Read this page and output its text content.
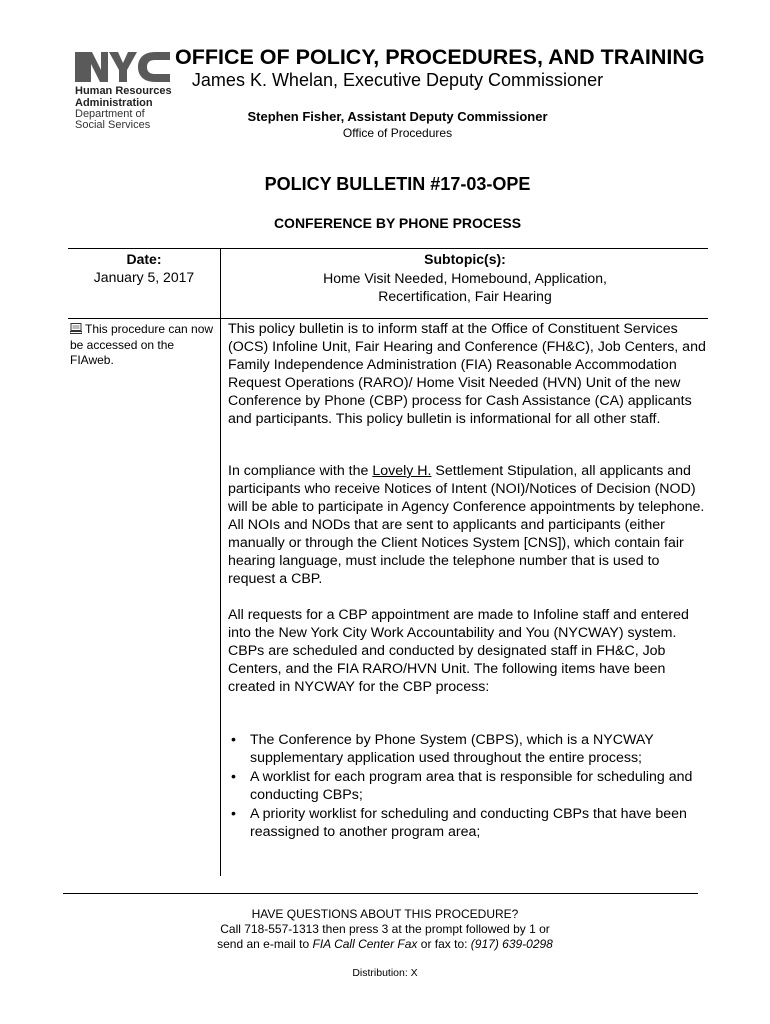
Human Resources
Administration
Department of
Social Services
OFFICE OF POLICY, PROCEDURES, AND TRAINING
James K. Whelan, Executive Deputy Commissioner
Stephen Fisher, Assistant Deputy Commissioner
Office of Procedures
POLICY BULLETIN #17-03-OPE
CONFERENCE BY PHONE PROCESS
Date:
January 5, 2017
Subtopic(s):
Home Visit Needed, Homebound, Application,
Recertification, Fair Hearing
This procedure can now be accessed on the FIAweb.
This policy bulletin is to inform staff at the Office of Constituent Services (OCS) Infoline Unit, Fair Hearing and Conference (FH&C), Job Centers, and Family Independence Administration (FIA) Reasonable Accommodation Request Operations (RARO)/ Home Visit Needed (HVN) Unit of the new Conference by Phone (CBP) process for Cash Assistance (CA) applicants and participants. This policy bulletin is informational for all other staff.
In compliance with the Lovely H. Settlement Stipulation, all applicants and participants who receive Notices of Intent (NOI)/Notices of Decision (NOD) will be able to participate in Agency Conference appointments by telephone. All NOIs and NODs that are sent to applicants and participants (either manually or through the Client Notices System [CNS]), which contain fair hearing language, must include the telephone number that is used to request a CBP.
All requests for a CBP appointment are made to Infoline staff and entered into the New York City Work Accountability and You (NYCWAY) system. CBPs are scheduled and conducted by designated staff in FH&C, Job Centers, and the FIA RARO/HVN Unit. The following items have been created in NYCWAY for the CBP process:
• The Conference by Phone System (CBPS), which is a NYCWAY supplementary application used throughout the entire process;
• A worklist for each program area that is responsible for scheduling and conducting CBPs;
• A priority worklist for scheduling and conducting CBPs that have been reassigned to another program area;
HAVE QUESTIONS ABOUT THIS PROCEDURE?
Call 718-557-1313 then press 3 at the prompt followed by 1 or
send an e-mail to FIA Call Center Fax or fax to: (917) 639-0298
Distribution: X
